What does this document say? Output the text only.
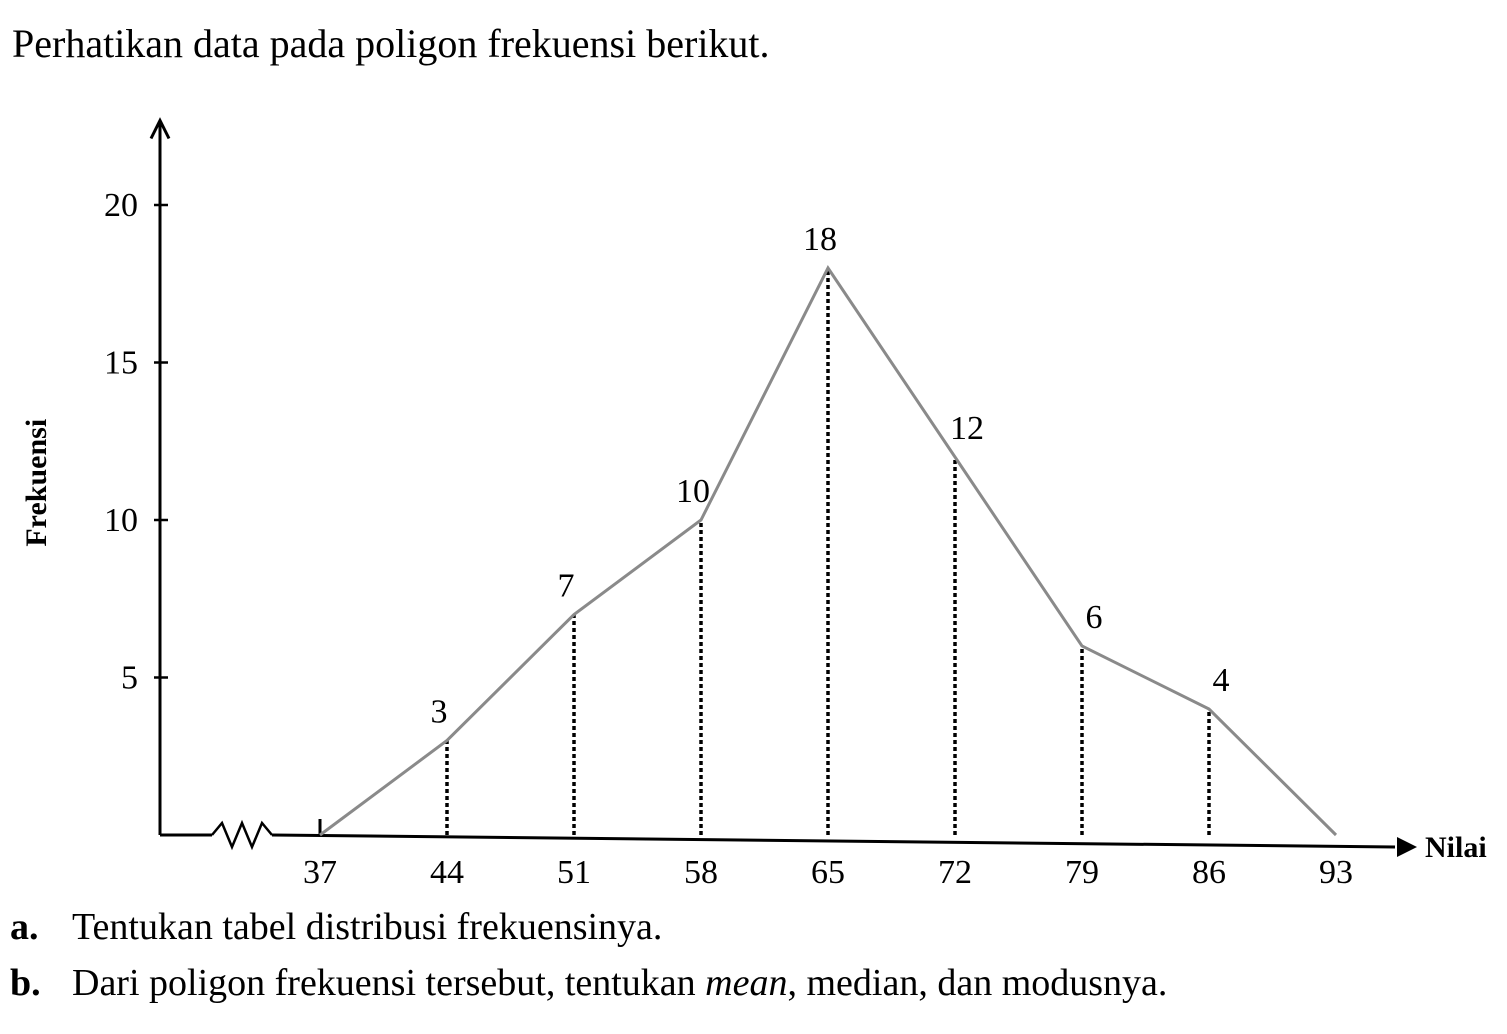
Perhatikan data pada poligon frekuensi berikut.
5
10
15
20
Frekuensi
3
7
10
18
12
6
4
37	44	51	58	65	72	79	86	93
Nilai
a. Tentukan tabel distribusi frekuensinya.
b. Dari poligon frekuensi tersebut, tentukan mean, median, dan modusnya.
